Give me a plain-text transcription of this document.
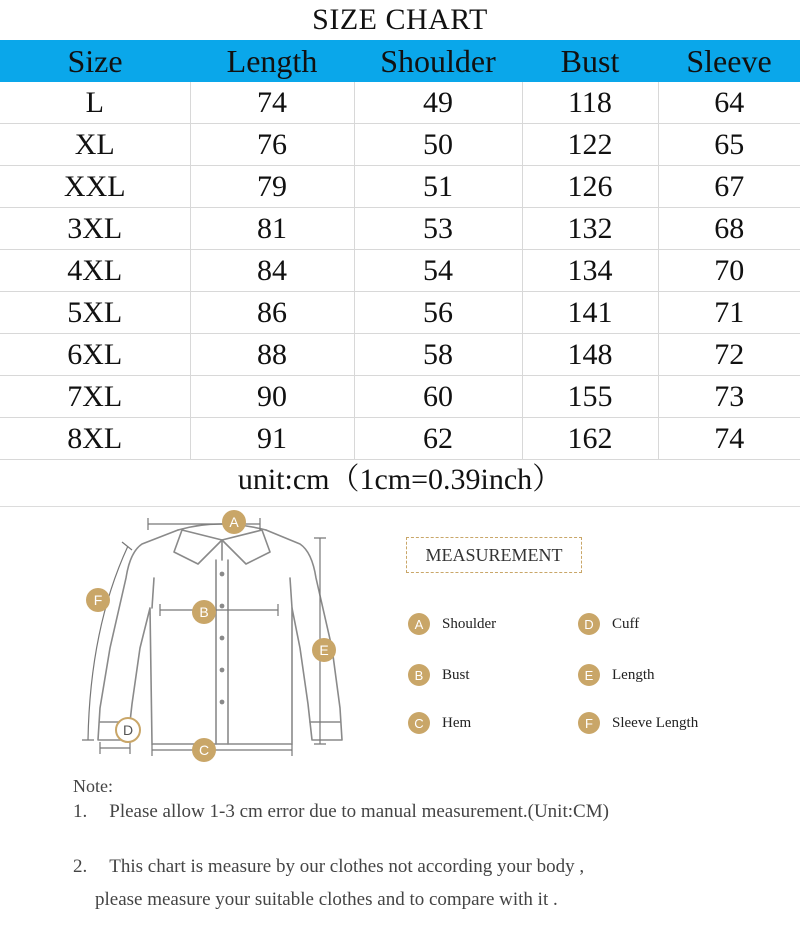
SIZE CHART
Size	Length	Shoulder	Bust	Sleeve
L	74	49	118	64
XL	76	50	122	65
XXL	79	51	126	67
3XL	81	53	132	68
4XL	84	54	134	70
5XL	86	56	141	71
6XL	88	58	148	72
7XL	90	60	155	73
8XL	91	62	162	74
unit:cm（1cm=0.39inch）
A
B
C
D
E
F
MEASUREMENT
A	Shoulder
B	Bust
C	Hem
D	Cuff
E	Length
F	Sleeve Length
Note:
1. Please allow 1-3 cm error due to manual measurement.(Unit:CM)
2. This chart is measure by our clothes not according your body ,
please measure your suitable clothes and to compare with it .
